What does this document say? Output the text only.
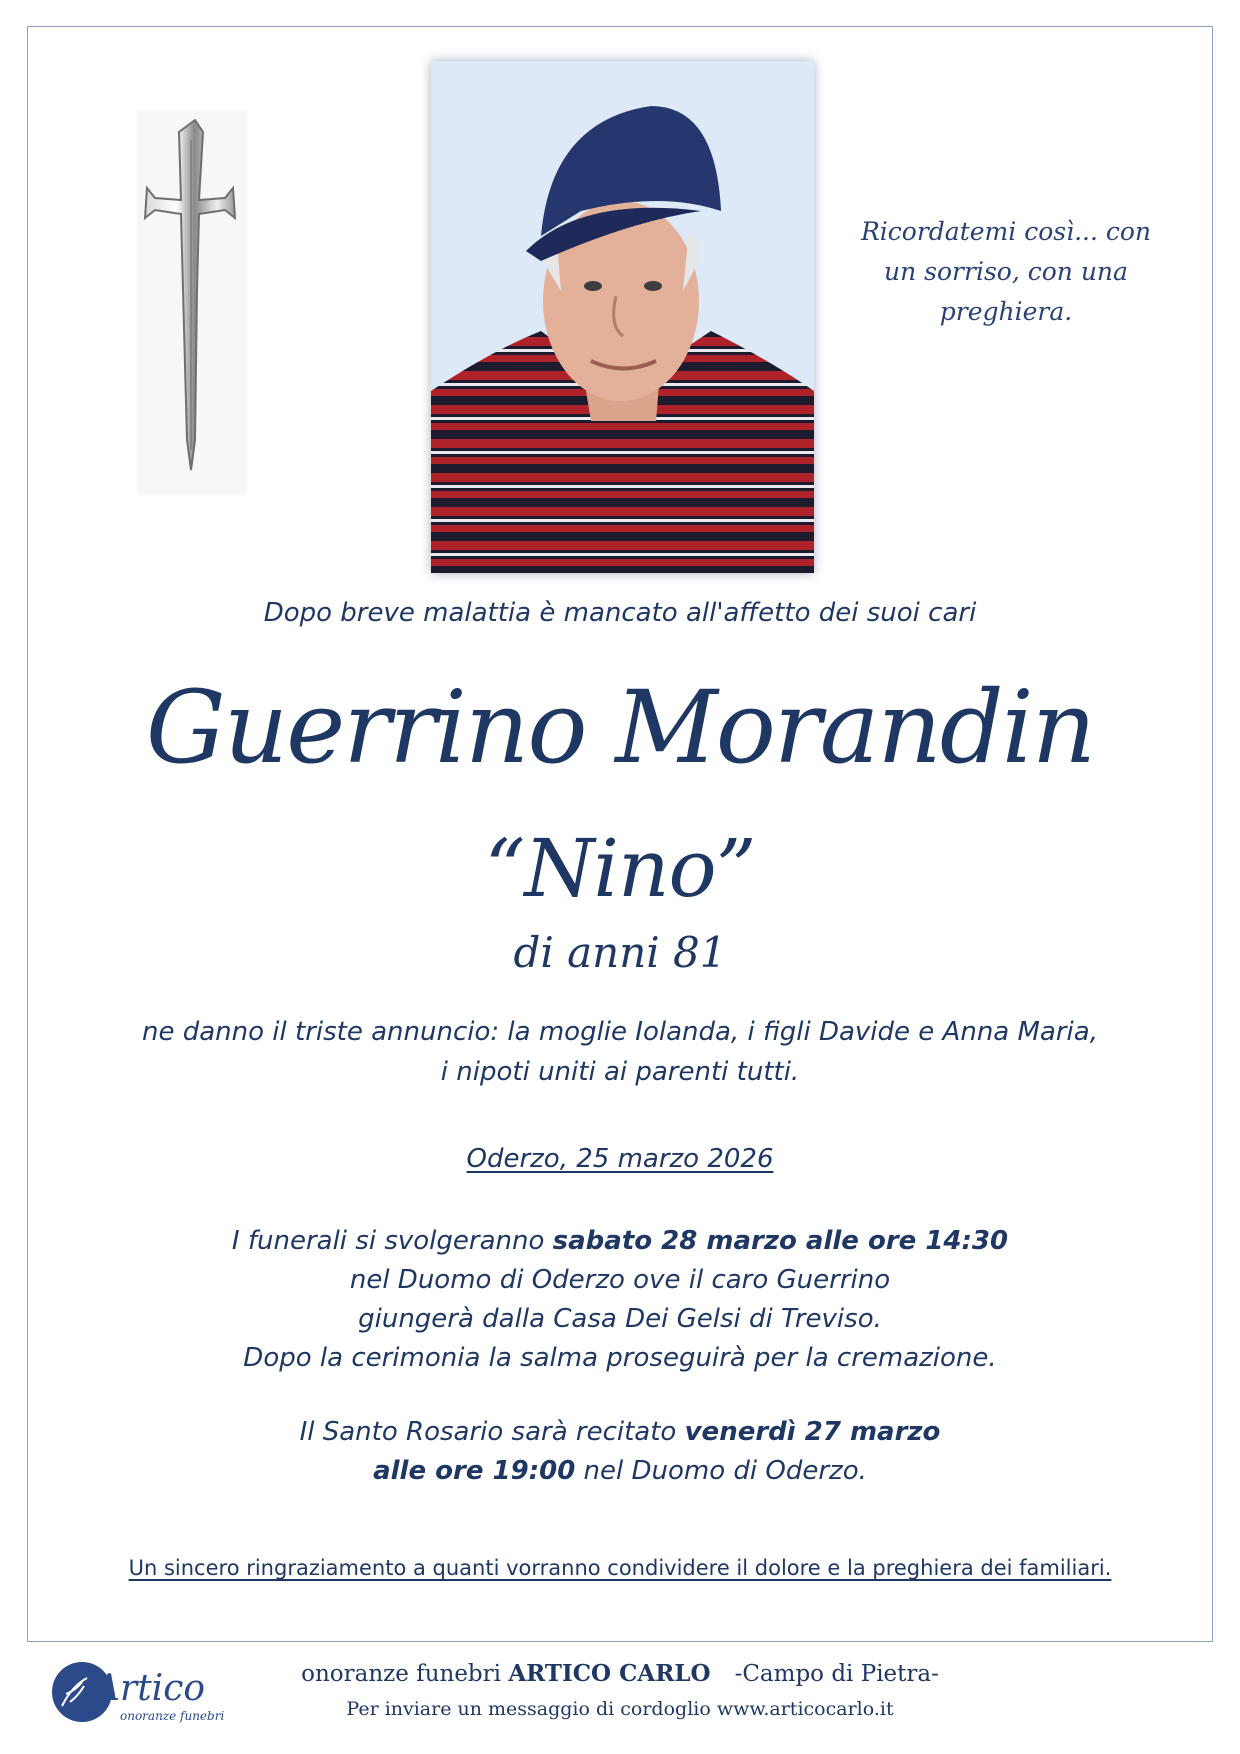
Ricordatemi così... con
un sorriso, con una
preghiera.
Dopo breve malattia è mancato all'affetto dei suoi cari
Guerrino Morandin
“Nino”
di anni 81
ne danno il triste annuncio: la moglie Iolanda, i figli Davide e Anna Maria,
i nipoti uniti ai parenti tutti.
Oderzo, 25 marzo 2026
I funerali si svolgeranno sabato 28 marzo alle ore 14:30
nel Duomo di Oderzo ove il caro Guerrino
giungerà dalla Casa Dei Gelsi di Treviso.
Dopo la cerimonia la salma proseguirà per la cremazione.
Il Santo Rosario sarà recitato venerdì 27 marzo
alle ore 19:00 nel Duomo di Oderzo.
Un sincero ringraziamento a quanti vorranno condividere il dolore e la preghiera dei familiari.
Artico
onoranze funebri
onoranze funebri ARTICO CARLO -Campo di Pietra-
Per inviare un messaggio di cordoglio www.articocarlo.it
